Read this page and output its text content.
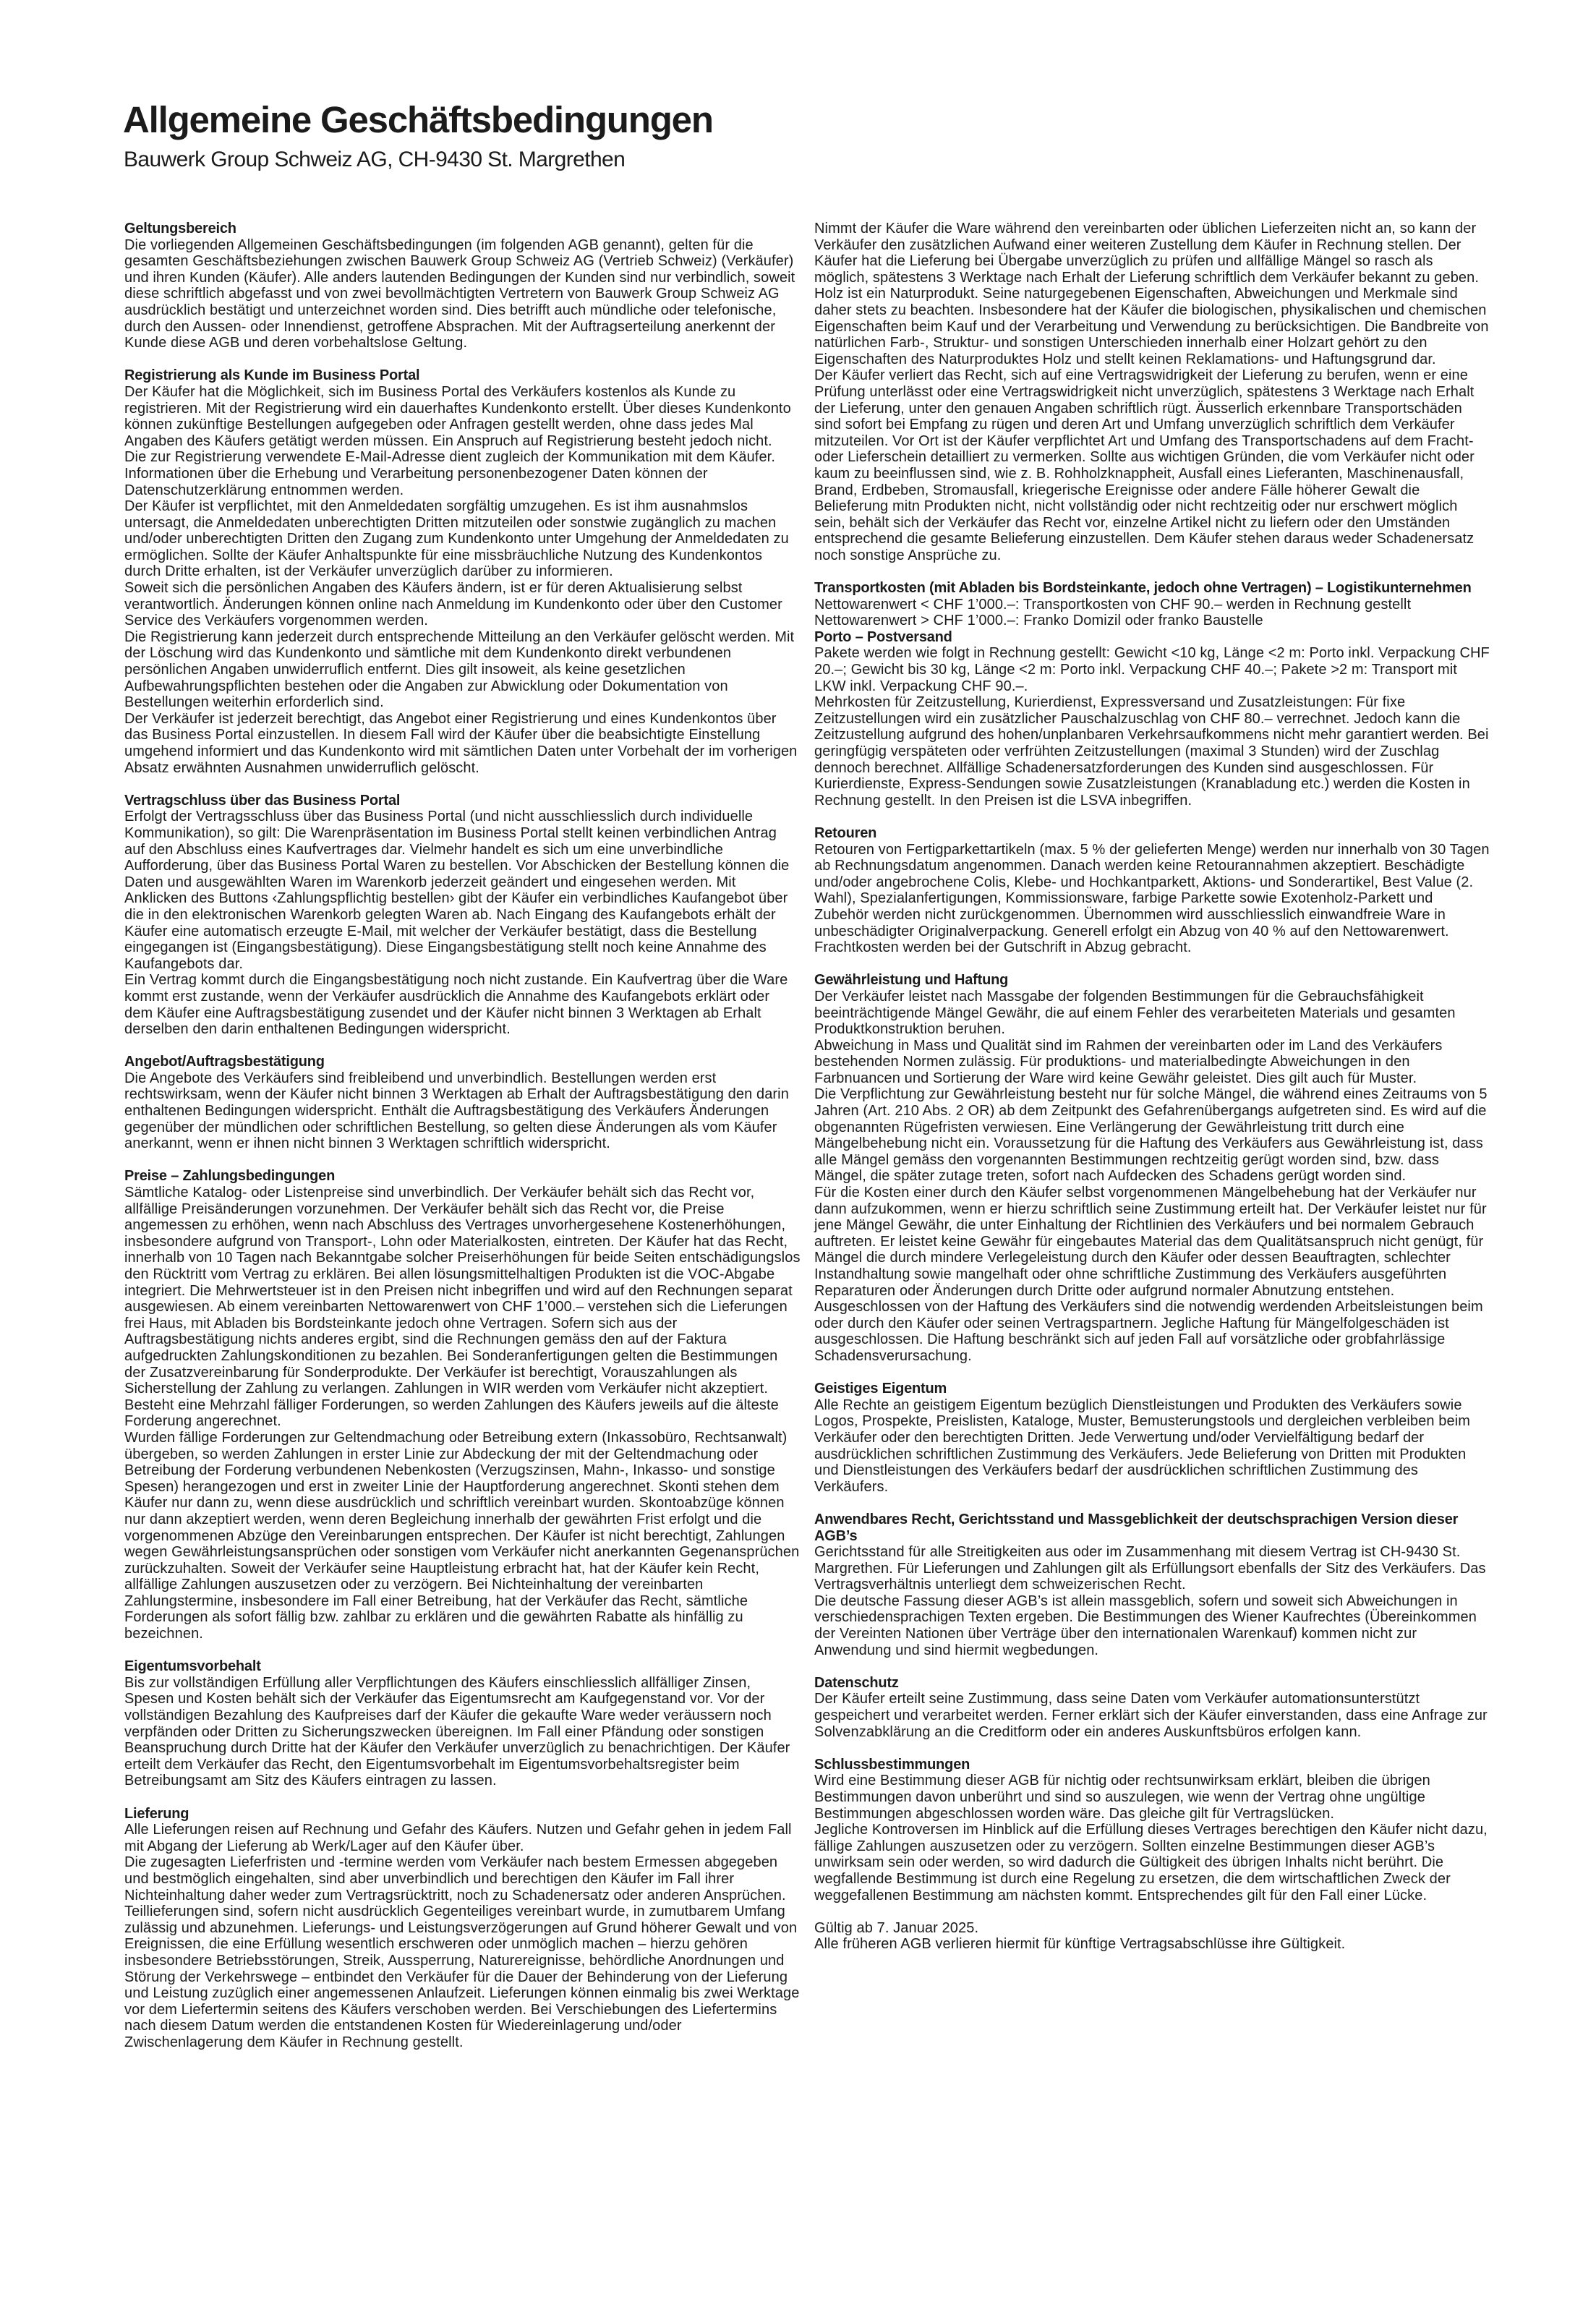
Allgemeine Geschäftsbedingungen
Bauwerk Group Schweiz AG, CH-9430 St. Margrethen
Geltungsbereich

Die vorliegenden Allgemeinen Geschäftsbedingungen (im folgenden AGB genannt), gelten für die gesamten Geschäftsbeziehungen zwischen Bauwerk Group Schweiz AG (Vertrieb Schweiz) (Verkäufer) und ihren Kunden (Käufer). Alle anders lautenden Bedingungen der Kunden sind nur verbindlich, soweit diese schriftlich abgefasst und von zwei bevollmächtigten Vertretern von Bauwerk Group Schweiz AG ausdrücklich bestätigt und unterzeichnet worden sind. Dies betrifft auch mündliche oder telefonische, durch den Aussen- oder Innendienst, getroffene Absprachen. Mit der Auftragserteilung anerkennt der Kunde diese AGB und deren vorbehaltslose Geltung.

Registrierung als Kunde im Business Portal

Der Käufer hat die Möglichkeit, sich im Business Portal des Verkäufers kostenlos als Kunde zu registrieren. Mit der Registrierung wird ein dauerhaftes Kundenkonto erstellt. Über dieses Kundenkonto können zukünftige Bestellungen aufgegeben oder Anfragen gestellt werden, ohne dass jedes Mal Angaben des Käufers getätigt werden müssen. Ein Anspruch auf Registrierung besteht jedoch nicht.

Die zur Registrierung verwendete E-Mail-Adresse dient zugleich der Kommunikation mit dem Käufer. Informationen über die Erhebung und Verarbeitung personenbezogener Daten können der Datenschutzerklärung entnommen werden.

Der Käufer ist verpflichtet, mit den Anmeldedaten sorgfältig umzugehen. Es ist ihm ausnahmslos untersagt, die Anmeldedaten unberechtigten Dritten mitzuteilen oder sonstwie zugänglich zu machen und/oder unberechtigten Dritten den Zugang zum Kundenkonto unter Umgehung der Anmeldedaten zu ermöglichen. Sollte der Käufer Anhaltspunkte für eine missbräuchliche Nutzung des Kundenkontos durch Dritte erhalten, ist der Verkäufer unverzüglich darüber zu informieren.

Soweit sich die persönlichen Angaben des Käufers ändern, ist er für deren Aktualisierung selbst verantwortlich. Änderungen können online nach Anmeldung im Kundenkonto oder über den Customer Service des Verkäufers vorgenommen werden.

Die Registrierung kann jederzeit durch entsprechende Mitteilung an den Verkäufer gelöscht werden. Mit der Löschung wird das Kundenkonto und sämtliche mit dem Kundenkonto direkt verbundenen persönlichen Angaben unwiderruflich entfernt. Dies gilt insoweit, als keine gesetzlichen Aufbewahrungspflichten bestehen oder die Angaben zur Abwicklung oder Dokumentation von Bestellungen weiterhin erforderlich sind.

Der Verkäufer ist jederzeit berechtigt, das Angebot einer Registrierung und eines Kundenkontos über das Business Portal einzustellen. In diesem Fall wird der Käufer über die beabsichtigte Einstellung umgehend informiert und das Kundenkonto wird mit sämtlichen Daten unter Vorbehalt der im vorherigen Absatz erwähnten Ausnahmen unwiderruflich gelöscht.

Vertragschluss über das Business Portal

Erfolgt der Vertragsschluss über das Business Portal (und nicht ausschliesslich durch individuelle Kommunikation), so gilt: Die Warenpräsentation im Business Portal stellt keinen verbindlichen Antrag auf den Abschluss eines Kaufvertrages dar. Vielmehr handelt es sich um eine unverbindliche Aufforderung, über das Business Portal Waren zu bestellen. Vor Abschicken der Bestellung können die Daten und ausgewählten Waren im Warenkorb jederzeit geändert und eingesehen werden. Mit Anklicken des Buttons ‹Zahlungspflichtig bestellen› gibt der Käufer ein verbindliches Kaufangebot über die in den elektronischen Warenkorb gelegten Waren ab. Nach Eingang des Kaufangebots erhält der Käufer eine automatisch erzeugte E-Mail, mit welcher der Verkäufer bestätigt, dass die Bestellung eingegangen ist (Eingangsbestätigung). Diese Eingangsbestätigung stellt noch keine Annahme des Kaufangebots dar.

Ein Vertrag kommt durch die Eingangsbestätigung noch nicht zustande. Ein Kaufvertrag über die Ware kommt erst zustande, wenn der Verkäufer ausdrücklich die Annahme des Kaufangebots erklärt oder dem Käufer eine Auftragsbestätigung zusendet und der Käufer nicht binnen 3 Werktagen ab Erhalt derselben den darin enthaltenen Bedingungen widerspricht.

Angebot/Auftragsbestätigung

Die Angebote des Verkäufers sind freibleibend und unverbindlich. Bestellungen werden erst rechtswirksam, wenn der Käufer nicht binnen 3 Werktagen ab Erhalt der Auftragsbestätigung den darin enthaltenen Bedingungen widerspricht. Enthält die Auftragsbestätigung des Verkäufers Änderungen gegenüber der mündlichen oder schriftlichen Bestellung, so gelten diese Änderungen als vom Käufer anerkannt, wenn er ihnen nicht binnen 3 Werktagen schriftlich widerspricht.

Preise – Zahlungsbedingungen

Sämtliche Katalog- oder Listenpreise sind unverbindlich. Der Verkäufer behält sich das Recht vor, allfällige Preisänderungen vorzunehmen. Der Verkäufer behält sich das Recht vor, die Preise angemessen zu erhöhen, wenn nach Abschluss des Vertrages unvorhergesehene Kostenerhöhungen, insbesondere aufgrund von Transport-, Lohn oder Materialkosten, eintreten. Der Käufer hat das Recht, innerhalb von 10 Tagen nach Bekanntgabe solcher Preiserhöhungen für beide Seiten entschädigungslos den Rücktritt vom Vertrag zu erklären. Bei allen lösungsmittelhaltigen Produkten ist die VOC-Abgabe integriert. Die Mehrwertsteuer ist in den Preisen nicht inbegriffen und wird auf den Rechnungen separat ausgewiesen. Ab einem vereinbarten Nettowarenwert von CHF 1’000.– verstehen sich die Lieferungen frei Haus, mit Abladen bis Bordsteinkante jedoch ohne Vertragen. Sofern sich aus der Auftragsbestätigung nichts anderes ergibt, sind die Rechnungen gemäss den auf der Faktura aufgedruckten Zahlungskonditionen zu bezahlen. Bei Sonderanfertigungen gelten die Bestimmungen der Zusatzvereinbarung für Sonderprodukte. Der Verkäufer ist berechtigt, Vorauszahlungen als Sicherstellung der Zahlung zu verlangen. Zahlungen in WIR werden vom Verkäufer nicht akzeptiert. Besteht eine Mehrzahl fälliger Forderungen, so werden Zahlungen des Käufers jeweils auf die älteste Forderung angerechnet.

Wurden fällige Forderungen zur Geltendmachung oder Betreibung extern (Inkassobüro, Rechtsanwalt) übergeben, so werden Zahlungen in erster Linie zur Abdeckung der mit der Geltendmachung oder Betreibung der Forderung verbundenen Nebenkosten (Verzugszinsen, Mahn-, Inkasso- und sonstige Spesen) herangezogen und erst in zweiter Linie der Hauptforderung angerechnet. Skonti stehen dem Käufer nur dann zu, wenn diese ausdrücklich und schriftlich vereinbart wurden. Skontoabzüge können nur dann akzeptiert werden, wenn deren Begleichung innerhalb der gewährten Frist erfolgt und die vorgenommenen Abzüge den Vereinbarungen entsprechen. Der Käufer ist nicht berechtigt, Zahlungen wegen Gewährleistungsansprüchen oder sonstigen vom Verkäufer nicht anerkannten Gegenansprüchen zurückzuhalten. Soweit der Verkäufer seine Hauptleistung erbracht hat, hat der Käufer kein Recht, allfällige Zahlungen auszusetzen oder zu verzögern. Bei Nichteinhaltung der vereinbarten Zahlungstermine, insbesondere im Fall einer Betreibung, hat der Verkäufer das Recht, sämtliche Forderungen als sofort fällig bzw. zahlbar zu erklären und die gewährten Rabatte als hinfällig zu bezeichnen.

Eigentumsvorbehalt

Bis zur vollständigen Erfüllung aller Verpflichtungen des Käufers einschliesslich allfälliger Zinsen, Spesen und Kosten behält sich der Verkäufer das Eigentumsrecht am Kaufgegenstand vor. Vor der vollständigen Bezahlung des Kaufpreises darf der Käufer die gekaufte Ware weder veräussern noch verpfänden oder Dritten zu Sicherungszwecken übereignen. Im Fall einer Pfändung oder sonstigen Beanspruchung durch Dritte hat der Käufer den Verkäufer unverzüglich zu benachrichtigen. Der Käufer erteilt dem Verkäufer das Recht, den Eigentumsvorbehalt im Eigentumsvorbehaltsregister beim Betreibungsamt am Sitz des Käufers eintragen zu lassen.

Lieferung

Alle Lieferungen reisen auf Rechnung und Gefahr des Käufers. Nutzen und Gefahr gehen in jedem Fall mit Abgang der Lieferung ab Werk/Lager auf den Käufer über.

Die zugesagten Lieferfristen und -termine werden vom Verkäufer nach bestem Ermessen abgegeben und bestmöglich eingehalten, sind aber unverbindlich und berechtigen den Käufer im Fall ihrer Nichteinhaltung daher weder zum Vertragsrücktritt, noch zu Schadenersatz oder anderen Ansprüchen. Teillieferungen sind, sofern nicht ausdrücklich Gegenteiliges vereinbart wurde, in zumutbarem Umfang zulässig und abzunehmen. Lieferungs- und Leistungsverzögerungen auf Grund höherer Gewalt und von Ereignissen, die eine Erfüllung wesentlich erschweren oder unmöglich machen – hierzu gehören insbesondere Betriebsstörungen, Streik, Aussperrung, Naturereignisse, behördliche Anordnungen und Störung der Verkehrswege – entbindet den Verkäufer für die Dauer der Behinderung von der Lieferung und Leistung zuzüglich einer angemessenen Anlaufzeit. Lieferungen können einmalig bis zwei Werktage vor dem Liefertermin seitens des Käufers verschoben werden. Bei Verschiebungen des Liefertermins nach diesem Datum werden die entstandenen Kosten für Wiedereinlagerung und/oder Zwischenlagerung dem Käufer in Rechnung gestellt.

Nimmt der Käufer die Ware während den vereinbarten oder üblichen Lieferzeiten nicht an, so kann der Verkäufer den zusätzlichen Aufwand einer weiteren Zustellung dem Käufer in Rechnung stellen. Der Käufer hat die Lieferung bei Übergabe unverzüglich zu prüfen und allfällige Mängel so rasch als möglich, spätestens 3 Werktage nach Erhalt der Lieferung schriftlich dem Verkäufer bekannt zu geben. Holz ist ein Naturprodukt. Seine naturgegebenen Eigenschaften, Abweichungen und Merkmale sind daher stets zu beachten. Insbesondere hat der Käufer die biologischen, physikalischen und chemischen Eigenschaften beim Kauf und der Verarbeitung und Verwendung zu berücksichtigen. Die Bandbreite von natürlichen Farb-, Struktur- und sonstigen Unterschieden innerhalb einer Holzart gehört zu den Eigenschaften des Naturproduktes Holz und stellt keinen Reklamations- und Haftungsgrund dar.

Der Käufer verliert das Recht, sich auf eine Vertragswidrigkeit der Lieferung zu berufen, wenn er eine Prüfung unterlässt oder eine Vertragswidrigkeit nicht unverzüglich, spätestens 3 Werktage nach Erhalt der Lieferung, unter den genauen Angaben schriftlich rügt. Äusserlich erkennbare Transportschäden sind sofort bei Empfang zu rügen und deren Art und Umfang unverzüglich schriftlich dem Verkäufer mitzuteilen. Vor Ort ist der Käufer verpflichtet Art und Umfang des Transportschadens auf dem Fracht- oder Lieferschein detailliert zu vermerken. Sollte aus wichtigen Gründen, die vom Verkäufer nicht oder kaum zu beeinflussen sind, wie z. B. Rohholzknappheit, Ausfall eines Lieferanten, Maschinenausfall, Brand, Erdbeben, Stromausfall, kriegerische Ereignisse oder andere Fälle höherer Gewalt die Belieferung mitn Produkten nicht, nicht vollständig oder nicht rechtzeitig oder nur erschwert möglich sein, behält sich der Verkäufer das Recht vor, einzelne Artikel nicht zu liefern oder den Umständen entsprechend die gesamte Belieferung einzustellen. Dem Käufer stehen daraus weder Schadenersatz noch sonstige Ansprüche zu.

Transportkosten (mit Abladen bis Bordsteinkante, jedoch ohne Vertragen) – Logistikunternehmen

Nettowarenwert < CHF 1’000.–: Transportkosten von CHF 90.– werden in Rechnung gestellt

Nettowarenwert > CHF 1’000.–: Franko Domizil oder franko Baustelle

Porto – Postversand

Pakete werden wie folgt in Rechnung gestellt: Gewicht <10 kg, Länge <2 m: Porto inkl. Verpackung CHF 20.–; Gewicht bis 30 kg, Länge <2 m: Porto inkl. Verpackung CHF 40.–; Pakete >2 m: Transport mit LKW inkl. Verpackung CHF 90.–.

Mehrkosten für Zeitzustellung, Kurierdienst, Expressversand und Zusatzleistungen: Für fixe Zeitzustellungen wird ein zusätzlicher Pauschalzuschlag von CHF 80.– verrechnet. Jedoch kann die Zeitzustellung aufgrund des hohen/unplanbaren Verkehrsaufkommens nicht mehr garantiert werden. Bei geringfügig verspäteten oder verfrühten Zeitzustellungen (maximal 3 Stunden) wird der Zuschlag dennoch berechnet. Allfällige Schadenersatzforderungen des Kunden sind ausgeschlossen. Für Kurierdienste, Express-Sendungen sowie Zusatzleistungen (Kranabladung etc.) werden die Kosten in Rechnung gestellt. In den Preisen ist die LSVA inbegriffen.

Retouren

Retouren von Fertigparkettartikeln (max. 5 % der gelieferten Menge) werden nur innerhalb von 30 Tagen ab Rechnungsdatum angenommen. Danach werden keine Retourannahmen akzeptiert. Beschädigte und/oder angebrochene Colis, Klebe- und Hochkantparkett, Aktions- und Sonderartikel, Best Value (2. Wahl), Spezialanfertigungen, Kommissionsware, farbige Parkette sowie Exotenholz-Parkett und Zubehör werden nicht zurückgenommen. Übernommen wird ausschliesslich einwandfreie Ware in unbeschädigter Originalverpackung. Generell erfolgt ein Abzug von 40 % auf den Nettowarenwert. Frachtkosten werden bei der Gutschrift in Abzug gebracht.

Gewährleistung und Haftung

Der Verkäufer leistet nach Massgabe der folgenden Bestimmungen für die Gebrauchsfähigkeit beeinträchtigende Mängel Gewähr, die auf einem Fehler des verarbeiteten Materials und gesamten Produktkonstruktion beruhen.

Abweichung in Mass und Qualität sind im Rahmen der vereinbarten oder im Land des Verkäufers bestehenden Normen zulässig. Für produktions- und materialbedingte Abweichungen in den Farbnuancen und Sortierung der Ware wird keine Gewähr geleistet. Dies gilt auch für Muster.

Die Verpflichtung zur Gewährleistung besteht nur für solche Mängel, die während eines Zeitraums von 5 Jahren (Art. 210 Abs. 2 OR) ab dem Zeitpunkt des Gefahrenübergangs aufgetreten sind. Es wird auf die obgenannten Rügefristen verwiesen. Eine Verlängerung der Gewährleistung tritt durch eine Mängelbehebung nicht ein. Voraussetzung für die Haftung des Verkäufers aus Gewährleistung ist, dass alle Mängel gemäss den vorgenannten Bestimmungen rechtzeitig gerügt worden sind, bzw. dass Mängel, die später zutage treten, sofort nach Aufdecken des Schadens gerügt worden sind.

Für die Kosten einer durch den Käufer selbst vorgenommenen Mängelbehebung hat der Verkäufer nur dann aufzukommen, wenn er hierzu schriftlich seine Zustimmung erteilt hat. Der Verkäufer leistet nur für jene Mängel Gewähr, die unter Einhaltung der Richtlinien des Verkäufers und bei normalem Gebrauch auftreten. Er leistet keine Gewähr für eingebautes Material das dem Qualitätsanspruch nicht genügt, für Mängel die durch mindere Verlegeleistung durch den Käufer oder dessen Beauftragten, schlechter Instandhaltung sowie mangelhaft oder ohne schriftliche Zustimmung des Verkäufers ausgeführten Reparaturen oder Änderungen durch Dritte oder aufgrund normaler Abnutzung entstehen. Ausgeschlossen von der Haftung des Verkäufers sind die notwendig werdenden Arbeitsleistungen beim oder durch den Käufer oder seinen Vertragspartnern. Jegliche Haftung für Mängelfolgeschäden ist ausgeschlossen. Die Haftung beschränkt sich auf jeden Fall auf vorsätzliche oder grobfahrlässige Schadensverursachung.

Geistiges Eigentum

Alle Rechte an geistigem Eigentum bezüglich Dienstleistungen und Produkten des Verkäufers sowie Logos, Prospekte, Preislisten, Kataloge, Muster, Bemusterungstools und dergleichen verbleiben beim Verkäufer oder den berechtigten Dritten. Jede Verwertung und/oder Vervielfältigung bedarf der ausdrücklichen schriftlichen Zustimmung des Verkäufers. Jede Belieferung von Dritten mit Produkten und Dienstleistungen des Verkäufers bedarf der ausdrücklichen schriftlichen Zustimmung des Verkäufers.

Anwendbares Recht, Gerichtsstand und Massgeblichkeit der deutschsprachigen Version dieser AGB’s

Gerichtsstand für alle Streitigkeiten aus oder im Zusammenhang mit diesem Vertrag ist CH-9430 St. Margrethen. Für Lieferungen und Zahlungen gilt als Erfüllungsort ebenfalls der Sitz des Verkäufers. Das Vertragsverhältnis unterliegt dem schweizerischen Recht.

Die deutsche Fassung dieser AGB’s ist allein massgeblich, sofern und soweit sich Abweichungen in verschiedensprachigen Texten ergeben. Die Bestimmungen des Wiener Kaufrechtes (Übereinkommen der Vereinten Nationen über Verträge über den internationalen Warenkauf) kommen nicht zur Anwendung und sind hiermit wegbedungen.

Datenschutz

Der Käufer erteilt seine Zustimmung, dass seine Daten vom Verkäufer automationsunterstützt gespeichert und verarbeitet werden. Ferner erklärt sich der Käufer einverstanden, dass eine Anfrage zur Solvenzabklärung an die Creditform oder ein anderes Auskunftsbüros erfolgen kann.

Schlussbestimmungen

Wird eine Bestimmung dieser AGB für nichtig oder rechtsunwirksam erklärt, bleiben die übrigen Bestimmungen davon unberührt und sind so auszulegen, wie wenn der Vertrag ohne ungültige Bestimmungen abgeschlossen worden wäre. Das gleiche gilt für Vertragslücken.

Jegliche Kontroversen im Hinblick auf die Erfüllung dieses Vertrages berechtigen den Käufer nicht dazu, fällige Zahlungen auszusetzen oder zu verzögern. Sollten einzelne Bestimmungen dieser AGB’s unwirksam sein oder werden, so wird dadurch die Gültigkeit des übrigen Inhalts nicht berührt. Die wegfallende Bestimmung ist durch eine Regelung zu ersetzen, die dem wirtschaftlichen Zweck der weggefallenen Bestimmung am nächsten kommt. Entsprechendes gilt für den Fall einer Lücke.

Gültig ab 7. Januar 2025.

Alle früheren AGB verlieren hiermit für künftige Vertragsabschlüsse ihre Gültigkeit.
